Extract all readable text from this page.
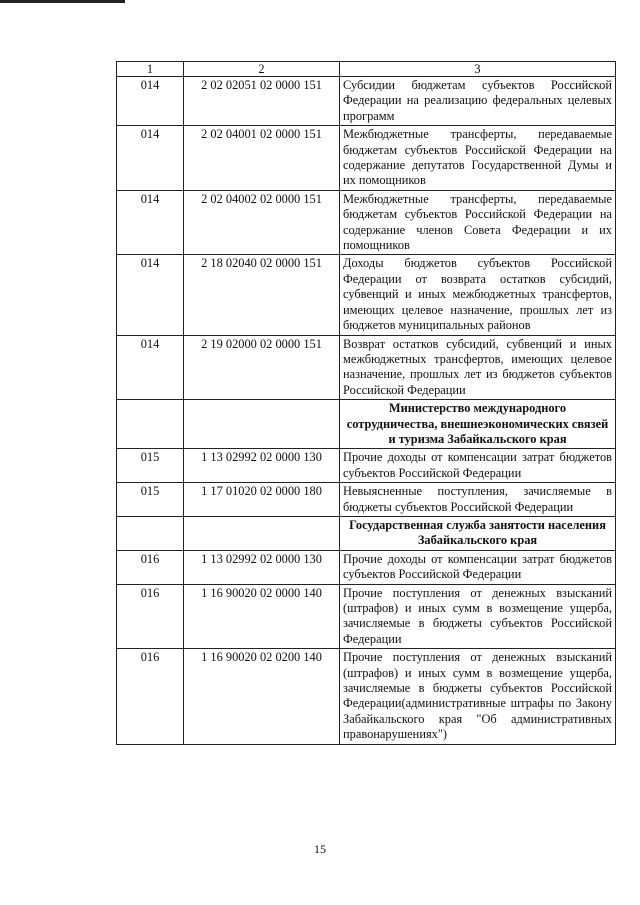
1	2	3
014	2 02 02051 02 0000 151	Субсидии бюджетам субъектов Российской Федерации на реализацию федеральных целевых программ
014	2 02 04001 02 0000 151	Межбюджетные трансферты, передаваемые бюджетам субъектов Российской Федерации на содержание депутатов Государственной Думы и их помощников
014	2 02 04002 02 0000 151	Межбюджетные трансферты, передаваемые бюджетам субъектов Российской Федерации на содержание членов Совета Федерации и их помощников
014	2 18 02040 02 0000 151	Доходы бюджетов субъектов Российской Федерации от возврата остатков субсидий, субвенций и иных межбюджетных трансфертов, имеющих целевое назначение, прошлых лет из бюджетов муниципальных районов
014	2 19 02000 02 0000 151	Возврат остатков субсидий, субвенций и иных межбюджетных трансфертов, имеющих целевое назначение, прошлых лет из бюджетов субъектов Российской Федерации
		Министерство международного сотрудничества, внешнеэкономических связей и туризма Забайкальского края
015	1 13 02992 02 0000 130	Прочие доходы от компенсации затрат бюджетов субъектов Российской Федерации
015	1 17 01020 02 0000 180	Невыясненные поступления, зачисляемые в бюджеты субъектов Российской Федерации
		Государственная служба занятости населения Забайкальского края
016	1 13 02992 02 0000 130	Прочие доходы от компенсации затрат бюджетов субъектов Российской Федерации
016	1 16 90020 02 0000 140	Прочие поступления от денежных взысканий (штрафов) и иных сумм в возмещение ущерба, зачисляемые в бюджеты субъектов Российской Федерации
016	1 16 90020 02 0200 140	Прочие поступления от денежных взысканий (штрафов) и иных сумм в возмещение ущерба, зачисляемые в бюджеты субъектов Российской Федерации(административные штрафы по Закону Забайкальского края "Об административных правонарушениях")
15
